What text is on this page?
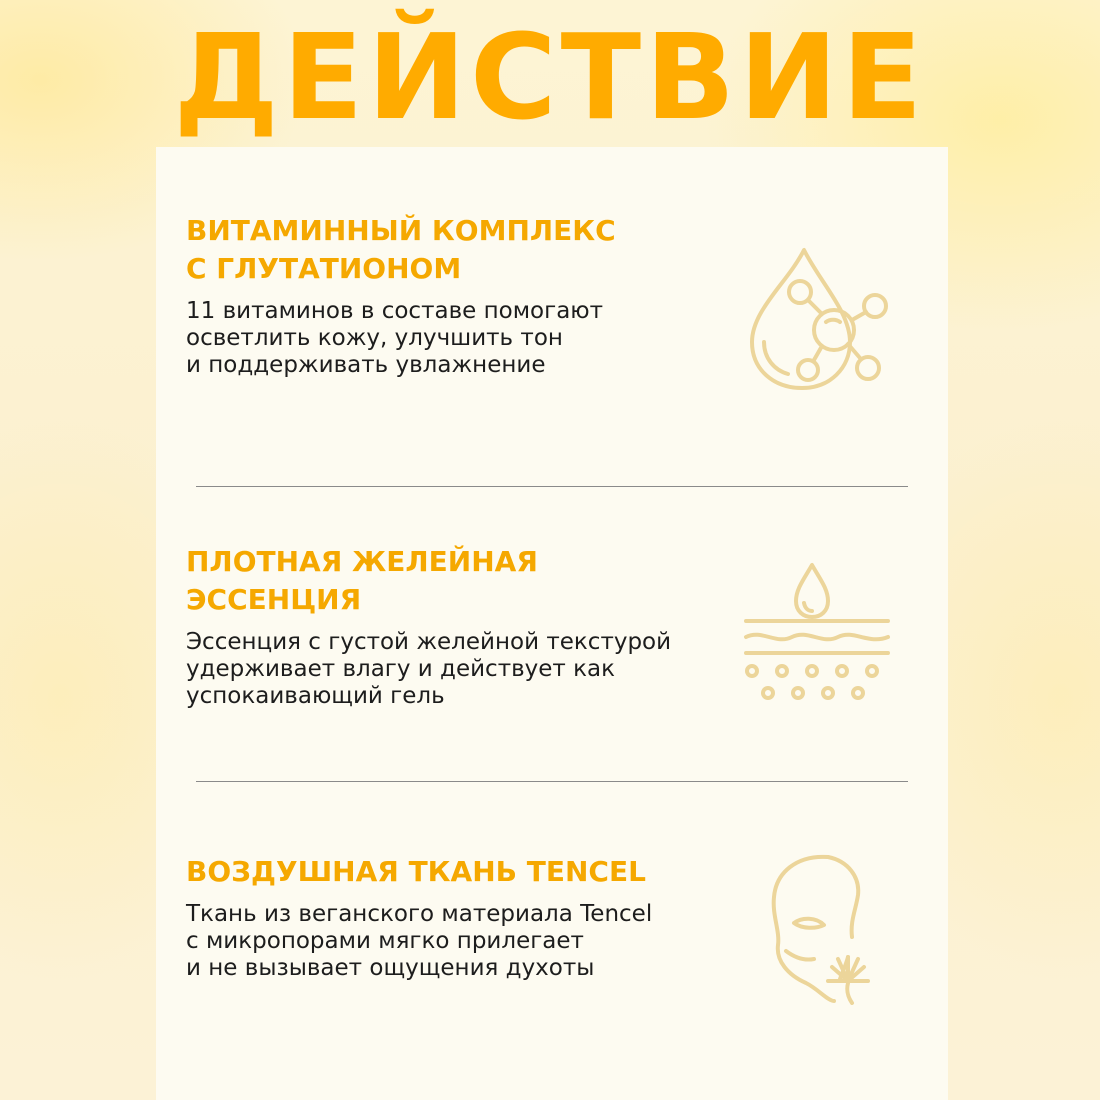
ДЕЙСТВИЕ
ВИТАМИННЫЙ КОМПЛЕКС
С ГЛУТАТИОНОМ
11 витаминов в составе помогают
осветлить кожу, улучшить тон
и поддерживать увлажнение
ПЛОТНАЯ ЖЕЛЕЙНАЯ
ЭССЕНЦИЯ
Эссенция с густой желейной текстурой
удерживает влагу и действует как
успокаивающий гель
ВОЗДУШНАЯ ТКАНЬ TENCEL
Ткань из веганского материала Tencel
с микропорами мягко прилегает
и не вызывает ощущения духоты
